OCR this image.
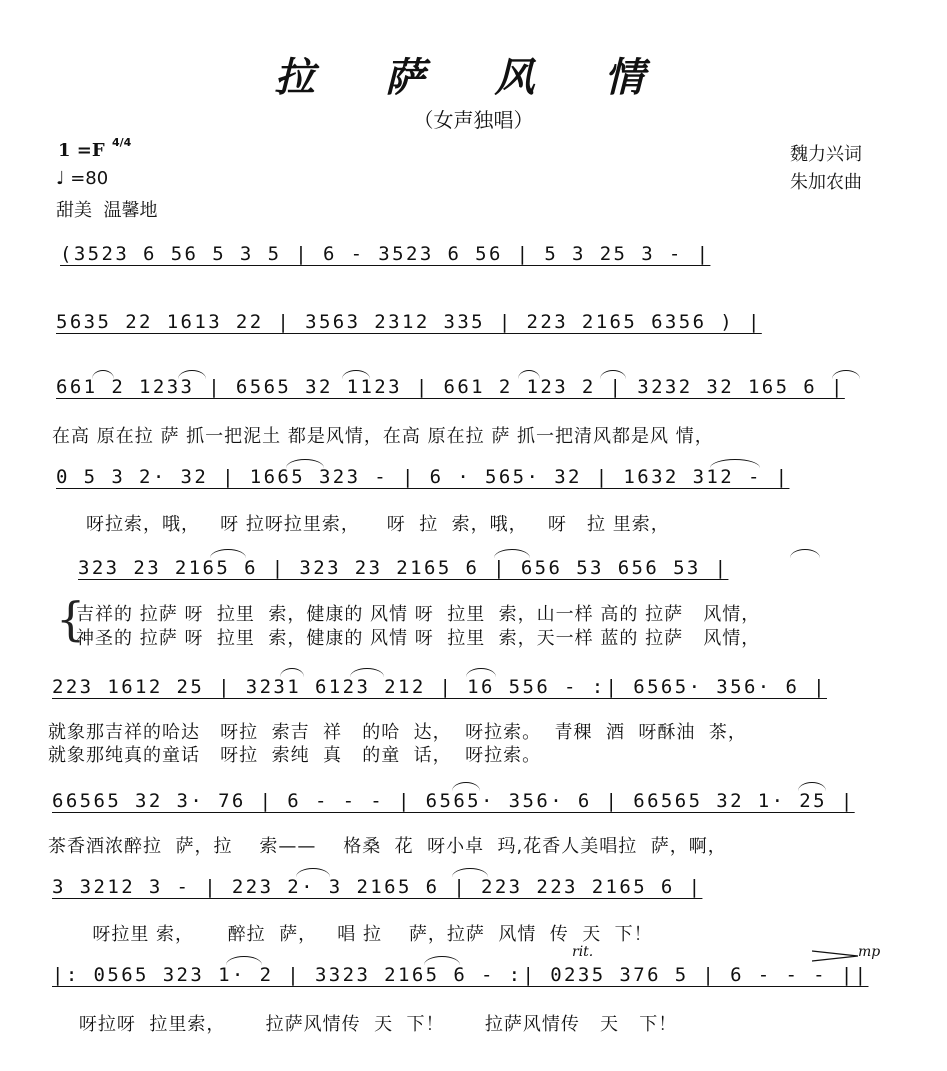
拉 萨 风 情
（女声独唱）
1 =F 4/4
♩ =80
甜美  温馨地
魏力兴词
朱加农曲
(3523 6 56 5 3 5 | 6 - 3523 6 56 | 5 3 25 3 - |
5635 22 1613 22 | 3563 2312 335 | 223 2165 6356 ) |
661 2 1233 | 6565 32 1123 | 661 2 123 2 | 3232 32 165 6 |
在高 原在拉 萨 抓一把泥土 都是风情，在高 原在拉 萨 抓一把清风都是风 情，
0 5 3 2· 32 | 1665 323 - | 6 · 565· 32 | 1632 312 - |
呀拉索，哦，   呀 拉呀拉里索，    呀  拉  索，哦，   呀   拉 里索，
323 23 2165 6 | 323 23 2165 6 | 656 53 656 53 |
{
吉祥的 拉萨 呀  拉里  索，健康的 风情 呀  拉里  索，山一样 高的 拉萨   风情，
神圣的 拉萨 呀  拉里  索，健康的 风情 呀  拉里  索，天一样 蓝的 拉萨   风情，
223 1612 25 | 3231 6123 212 | 16 556 - :| 6565· 356· 6 |
就象那吉祥的哈达   呀拉  索吉  祥   的哈  达，  呀拉索。  青稞  酒  呀酥油  茶，
就象那纯真的童话   呀拉  索纯  真   的童  话，  呀拉索。
66565 32 3· 76 | 6 - - - | 6565· 356· 6 | 66565 32 1· 25 |
茶香酒浓醉拉  萨，拉    索——    格桑  花  呀小卓  玛,花香人美唱拉  萨，啊，
3 3212 3 - | 223 2· 3 2165 6 | 223 223 2165 6 |
呀拉里 索，     醉拉  萨，   唱 拉    萨，拉萨  风情  传  天  下！
rit.	mp
|: 0565 323 1· 2 | 3323 2165 6 - :| 0235 376 5 | 6 - - - ||
呀拉呀  拉里索，      拉萨风情传  天  下！      拉萨风情传   天   下！
